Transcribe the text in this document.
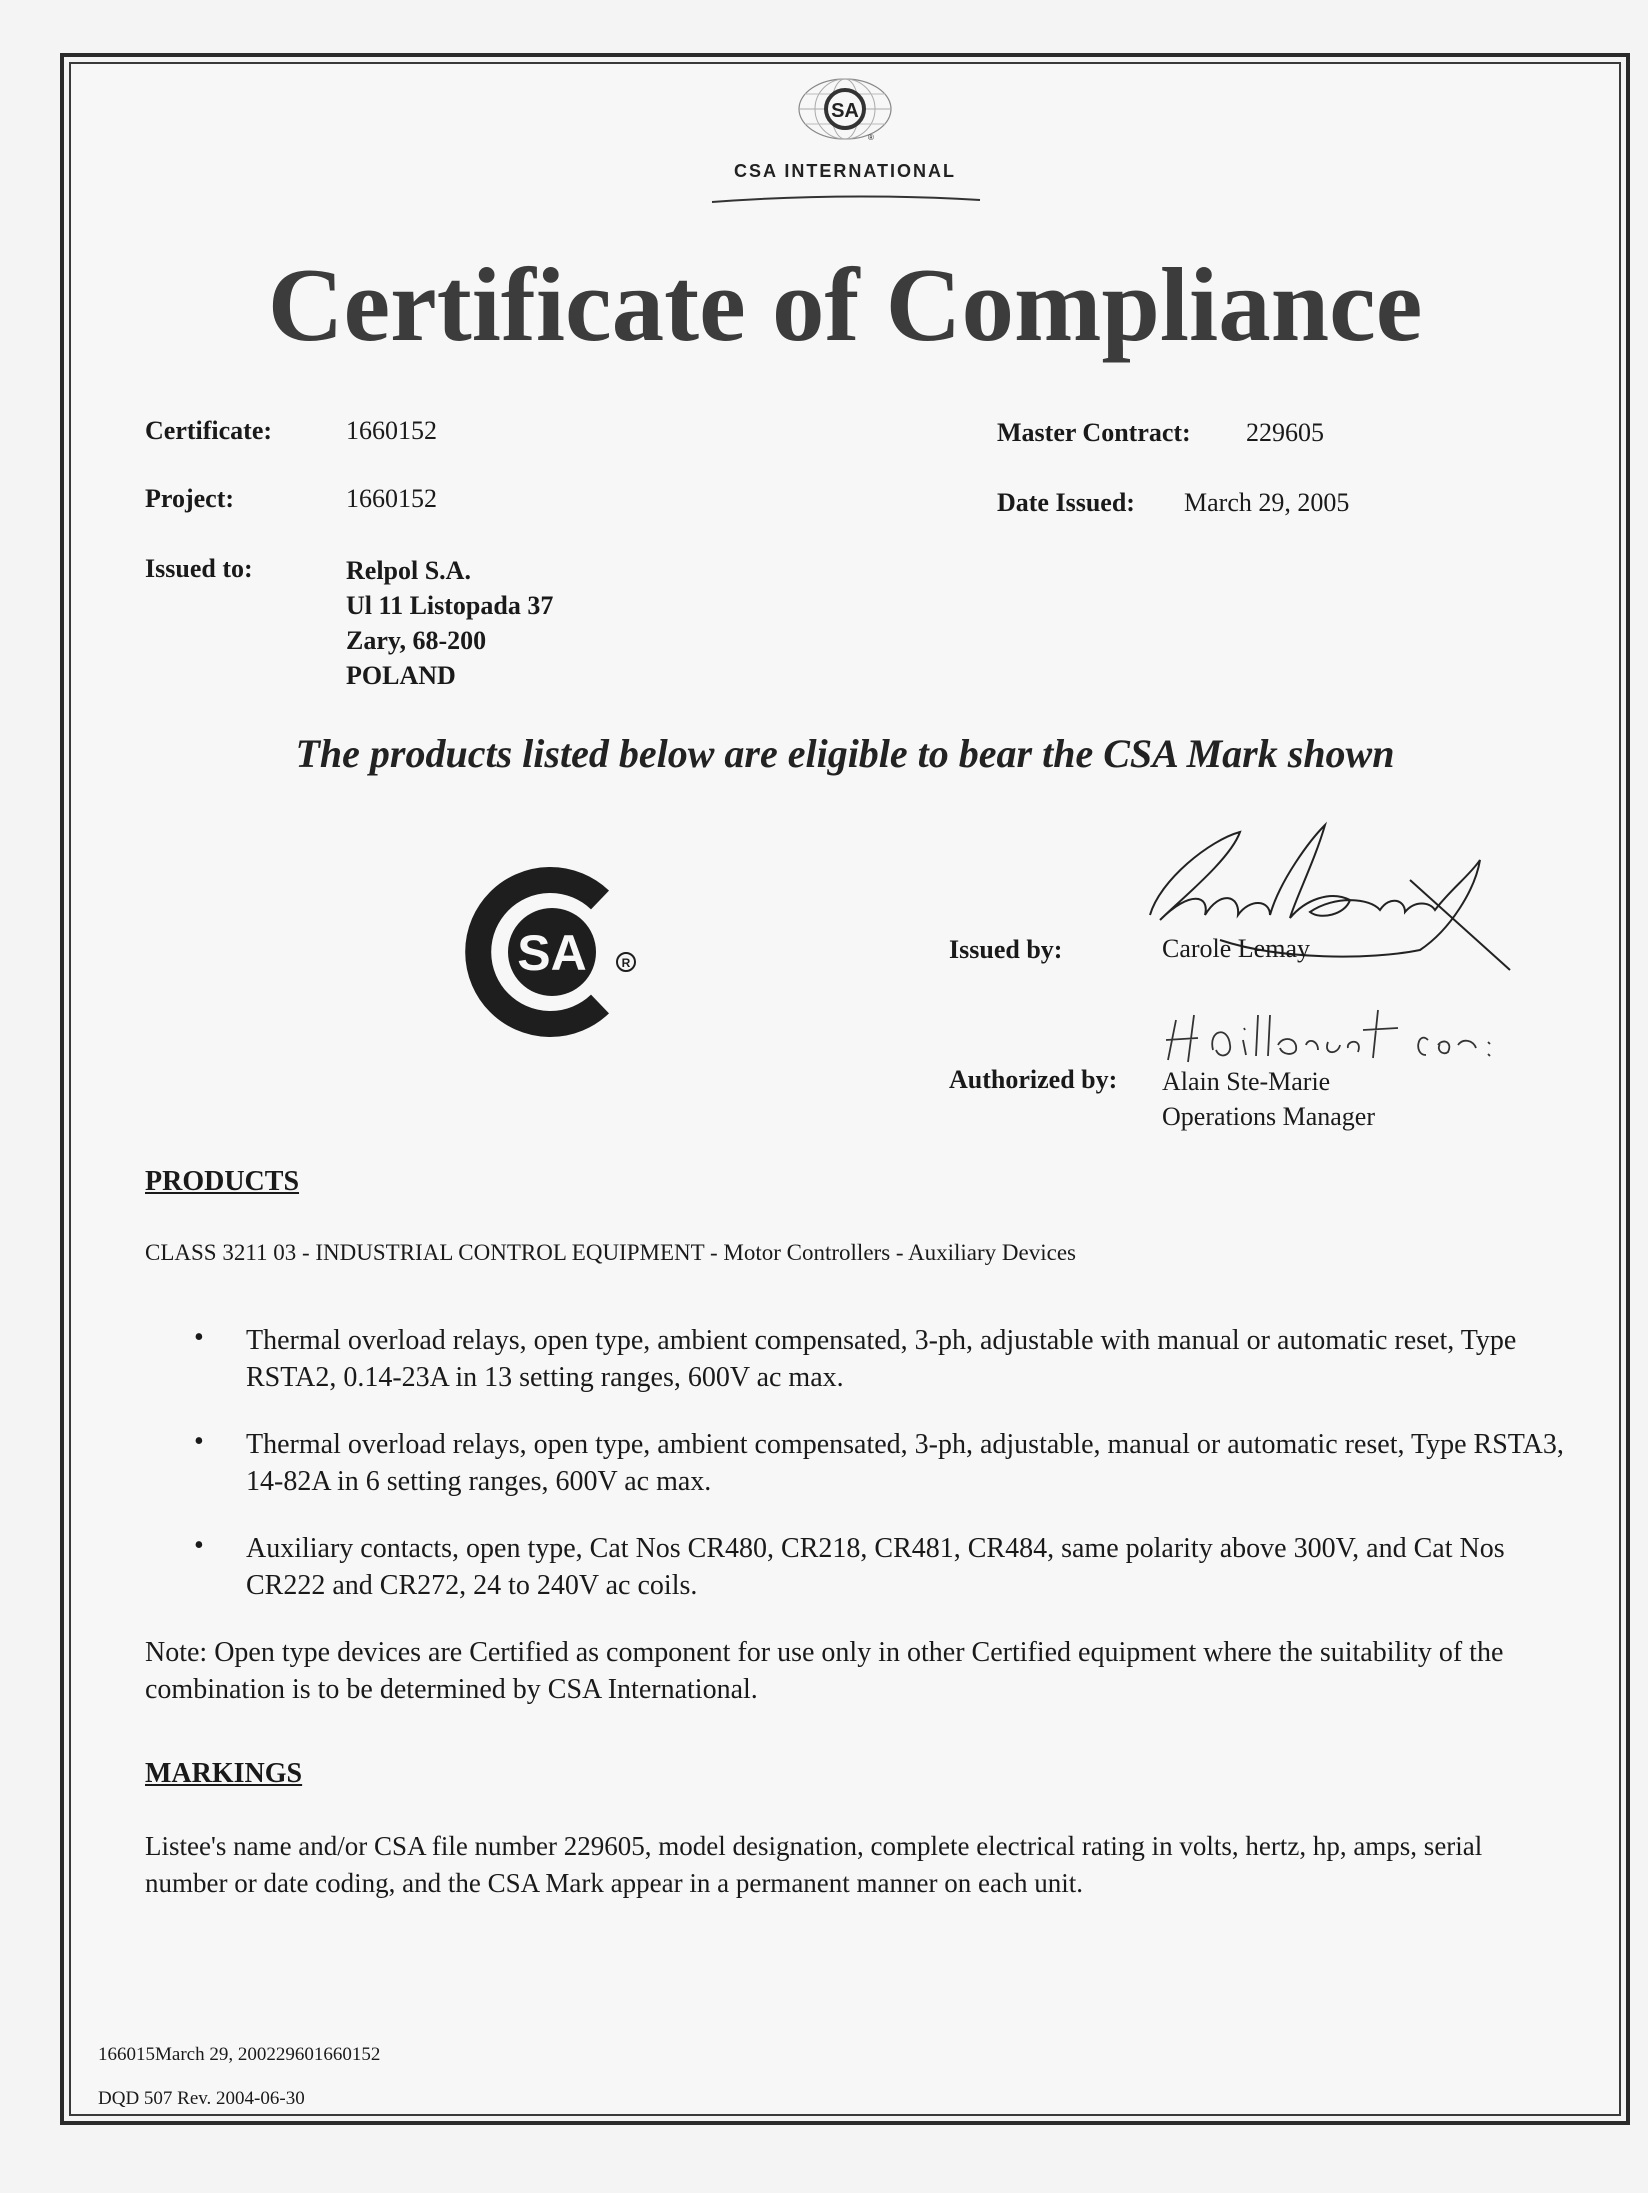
SA
®
CSA INTERNATIONAL
Certificate of Compliance
Certificate:	1660152
Project:	1660152
Issued to:	Relpol S.A.
Ul 11 Listopada 37
Zary, 68-200
POLAND
Master Contract: 229605
Date Issued: March 29, 2005
The products listed below are eligible to bear the CSA Mark shown
SA	R	Issued by:	Carole Lemay
Authorized by: Alain Ste-Marie
Operations Manager
PRODUCTS
CLASS 3211 03 - INDUSTRIAL CONTROL EQUIPMENT - Motor Controllers - Auxiliary Devices
• Thermal overload relays, open type, ambient compensated, 3-ph, adjustable with manual or automatic reset, Type RSTA2, 0.14-23A in 13 setting ranges, 600V ac max.
• Thermal overload relays, open type, ambient compensated, 3-ph, adjustable, manual or automatic reset, Type RSTA3, 14-82A in 6 setting ranges, 600V ac max.
• Auxiliary contacts, open type, Cat Nos CR480, CR218, CR481, CR484, same polarity above 300V, and Cat Nos CR222 and CR272, 24 to 240V ac coils.
Note: Open type devices are Certified as component for use only in other Certified equipment where the suitability of the combination is to be determined by CSA International.
MARKINGS
Listee's name and/or CSA file number 229605, model designation, complete electrical rating in volts, hertz, hp, amps, serial number or date coding, and the CSA Mark appear in a permanent manner on each unit.
166015March 29, 200229601660152
DQD 507 Rev. 2004-06-30
